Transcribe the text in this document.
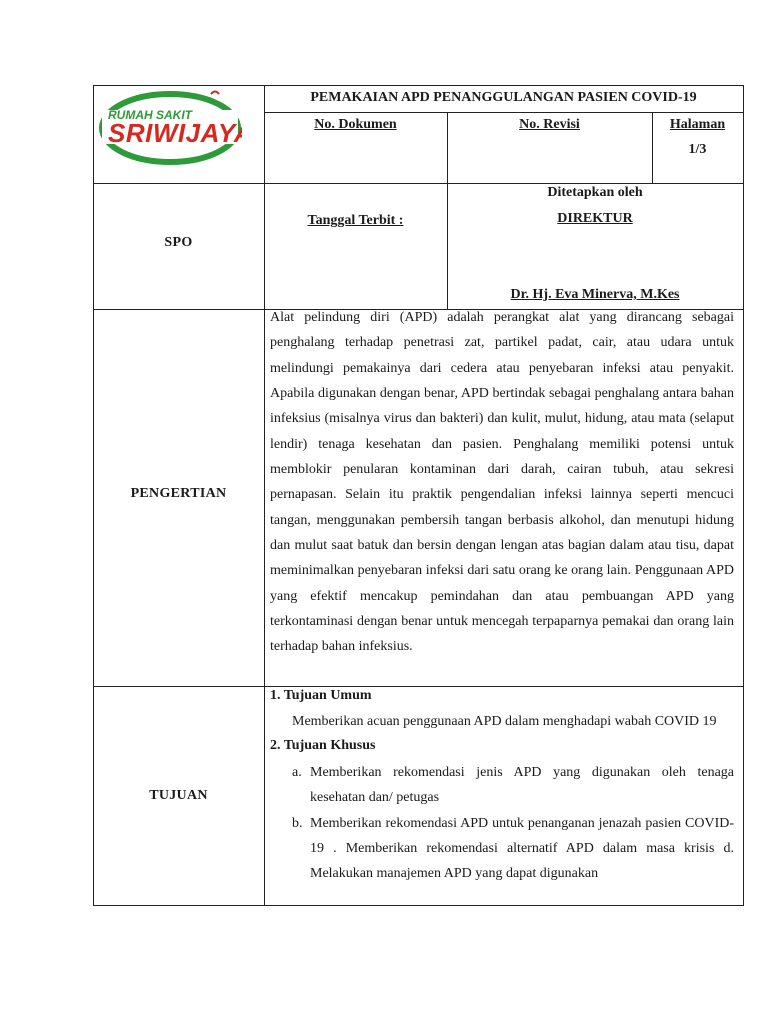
RUMAH SAKIT
SRIWIJAYA
PEMAKAIAN APD PENANGGULANGAN PASIEN COVID-19
No. Dokumen	No. Revisi	Halaman
1/3
SPO
Tanggal Terbit :
Ditetapkan oleh
DIREKTUR
Dr. Hj. Eva Minerva, M.Kes
PENGERTIAN

Alat pelindung diri (APD) adalah perangkat alat yang dirancang sebagai penghalang terhadap penetrasi zat, partikel padat, cair, atau udara untuk melindungi pemakainya dari cedera atau penyebaran infeksi atau penyakit. Apabila digunakan dengan benar, APD bertindak sebagai penghalang antara bahan infeksius (misalnya virus dan bakteri) dan kulit, mulut, hidung, atau mata (selaput lendir) tenaga kesehatan dan pasien. Penghalang memiliki potensi untuk memblokir penularan kontaminan dari darah, cairan tubuh, atau sekresi pernapasan. Selain itu praktik pengendalian infeksi lainnya seperti mencuci tangan, menggunakan pembersih tangan berbasis alkohol, dan menutupi hidung dan mulut saat batuk dan bersin dengan lengan atas bagian dalam atau tisu, dapat meminimalkan penyebaran infeksi dari satu orang ke orang lain. Penggunaan APD yang efektif mencakup pemindahan dan atau pembuangan APD yang terkontaminasi dengan benar untuk mencegah terpaparnya pemakai dan orang lain terhadap bahan infeksius.

TUJUAN
1. Tujuan Umum

Memberikan acuan penggunaan APD dalam menghadapi wabah COVID 19

2. Tujuan Khusus
a. Memberikan rekomendasi jenis APD yang digunakan oleh tenaga kesehatan dan/ petugas
b. Memberikan rekomendasi APD untuk penanganan jenazah pasien COVID-19 . Memberikan rekomendasi alternatif APD dalam masa krisis d. Melakukan manajemen APD yang dapat digunakan
